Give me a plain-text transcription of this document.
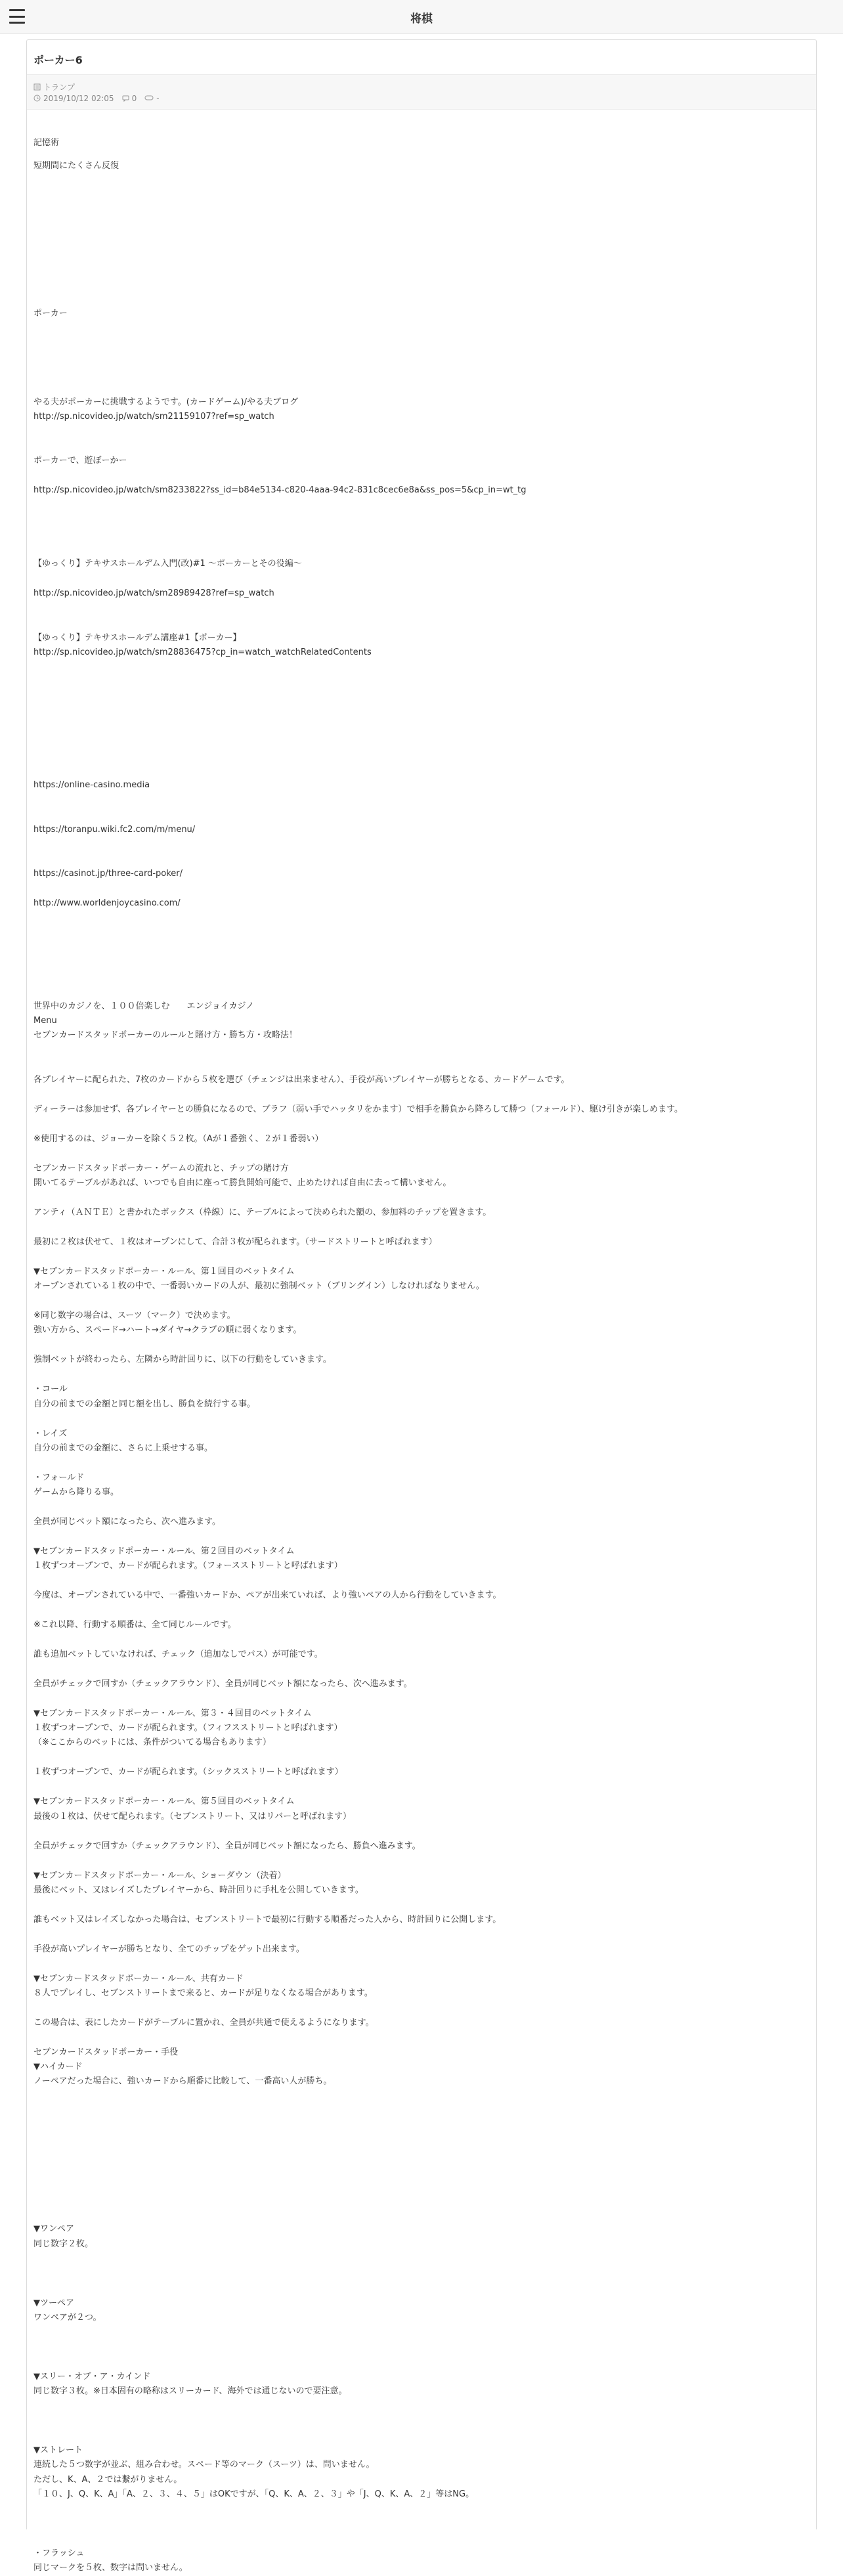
将棋
ポーカー6
トランプ
2019/10/12 02:05 0	-
記憶術
短期間にたくさん反復
ポーカー
やる夫がポーカーに挑戦するようです。(カードゲーム)/やる夫ブログ
http://sp.nicovideo.jp/watch/sm21159107?ref=sp_watch
ポーカーで、遊ぼーかー
http://sp.nicovideo.jp/watch/sm8233822?ss_id=b84e5134-c820-4aaa-94c2-831c8cec6e8a&ss_pos=5&cp_in=wt_tg
【ゆっくり】テキサスホールデム入門(改)#1 〜ポーカーとその役編〜
http://sp.nicovideo.jp/watch/sm28989428?ref=sp_watch
【ゆっくり】テキサスホールデム講座#1【ポーカー】
http://sp.nicovideo.jp/watch/sm28836475?cp_in=watch_watchRelatedContents
https://online-casino.media
https://toranpu.wiki.fc2.com/m/menu/
https://casinot.jp/three-card-poker/
http://www.worldenjoycasino.com/
世界中のカジノを、１００倍楽しむ　　エンジョイカジノ
Menu
セブンカードスタッドポーカーのルールと賭け方・勝ち方・攻略法！
各プレイヤーに配られた、7枚のカードから５枚を選び（チェンジは出来ません）、手役が高いプレイヤーが勝ちとなる、カードゲームです。
ディーラーは参加せず、各プレイヤーとの勝負になるので、ブラフ（弱い手でハッタリをかます）で相手を勝負から降ろして勝つ（フォールド）、駆け引きが楽しめます。
※使用するのは、ジョーカーを除く５２枚。（Aが１番強く、２が１番弱い）
セブンカードスタッドポーカー・ゲームの流れと、チップの賭け方
開いてるテーブルがあれば、いつでも自由に座って勝負開始可能で、止めたければ自由に去って構いません。
アンティ（ＡＮＴＥ）と書かれたボックス（枠線）に、テーブルによって決められた額の、参加料のチップを置きます。
最初に２枚は伏せて、１枚はオープンにして、合計３枚が配られます。（サードストリートと呼ばれます）
▼セブンカードスタッドポーカー・ルール、第１回目のベットタイム
オープンされている１枚の中で、一番弱いカードの人が、最初に強制ベット（ブリングイン）しなければなりません。
※同じ数字の場合は、スーツ（マーク）で決めます。
強い方から、スペード→ハート→ダイヤ→クラブの順に弱くなります。
強制ベットが終わったら、左隣から時計回りに、以下の行動をしていきます。
・コール
自分の前までの金額と同じ額を出し、勝負を続行する事。
・レイズ
自分の前までの金額に、さらに上乗せする事。
・フォールド
ゲームから降りる事。
全員が同じベット額になったら、次へ進みます。
▼セブンカードスタッドポーカー・ルール、第２回目のベットタイム
１枚ずつオープンで、カードが配られます。（フォースストリートと呼ばれます）
今度は、オープンされている中で、一番強いカードか、ペアが出来ていれば、より強いペアの人から行動をしていきます。
※これ以降、行動する順番は、全て同じルールです。
誰も追加ベットしていなければ、チェック（追加なしでパス）が可能です。
全員がチェックで回すか（チェックアラウンド）、全員が同じベット額になったら、次へ進みます。
▼セブンカードスタッドポーカー・ルール、第３・４回目のベットタイム
１枚ずつオープンで、カードが配られます。（フィフスストリートと呼ばれます）
（※ここからのベットには、条件がついてる場合もあります）
１枚ずつオープンで、カードが配られます。（シックスストリートと呼ばれます）
▼セブンカードスタッドポーカー・ルール、第５回目のベットタイム
最後の１枚は、伏せて配られます。（セブンストリート、又はリバーと呼ばれます）
全員がチェックで回すか（チェックアラウンド）、全員が同じベット額になったら、勝負へ進みます。
▼セブンカードスタッドポーカー・ルール、ショーダウン（決着）
最後にベット、又はレイズしたプレイヤーから、時計回りに手札を公開していきます。
誰もベット又はレイズしなかった場合は、セブンストリートで最初に行動する順番だった人から、時計回りに公開します。
手役が高いプレイヤーが勝ちとなり、全てのチップをゲット出来ます。
▼セブンカードスタッドポーカー・ルール、共有カード
８人でプレイし、セブンストリートまで来ると、カードが足りなくなる場合があります。
この場合は、表にしたカードがテーブルに置かれ、全員が共通で使えるようになります。
セブンカードスタッドポーカー・手役
▼ハイカード
ノーペアだった場合に、強いカードから順番に比較して、一番高い人が勝ち。
▼ワンペア
同じ数字２枚。
▼ツーペア
ワンペアが２つ。
▼スリー・オブ・ア・カインド
同じ数字３枚。※日本固有の略称はスリーカード、海外では通じないので要注意。
▼ストレート
連続した５つ数字が並ぶ、組み合わせ。スペード等のマーク（スーツ）は、問いません。
ただし、K、A、２では繋がりません。
「１０、J、Q、K、A」「A、２、３、４、５」はOKですが、「Q、K、A、２、３」や「J、Q、K、A、２」等はNG。
・フラッシュ
同じマークを５枚、数字は問いません。
